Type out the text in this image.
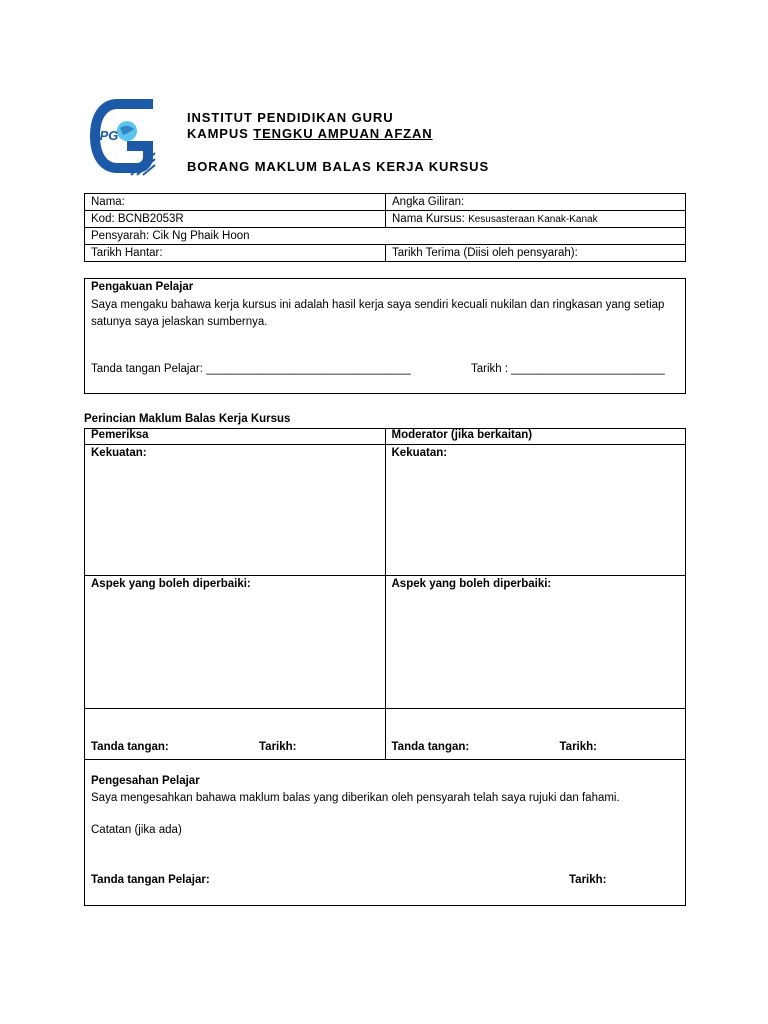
iPG
INSTITUT PENDIDIKAN GURU
KAMPUS TENGKU AMPUAN AFZAN
BORANG MAKLUM BALAS KERJA KURSUS
Nama:	Angka Giliran:
Kod: BCNB2053R	Nama Kursus: Kesusasteraan Kanak-Kanak
Pensyarah: Cik Ng Phaik Hoon	
Tarikh Hantar:	Tarikh Terima (Diisi oleh pensyarah):
Pengakuan Pelajar
Saya mengaku bahawa kerja kursus ini adalah hasil kerja saya sendiri kecuali nukilan dan ringkasan yang setiap satunya saya jelaskan sumbernya.
Tanda tangan Pelajar: ________________________________	Tarikh : ________________________
Perincian Maklum Balas Kerja Kursus
Pemeriksa	Moderator (jika berkaitan)
Kekuatan:	Kekuatan:
Aspek yang boleh diperbaiki:	Aspek yang boleh diperbaiki:

Tanda tangan: Tarikh:	Tanda tangan: Tarikh:
Pengesahan Pelajar
Saya mengesahkan bahawa maklum balas yang diberikan oleh pensyarah telah saya rujuki dan fahami.
Catatan (jika ada)
Tanda tangan Pelajar:	Tarikh:
